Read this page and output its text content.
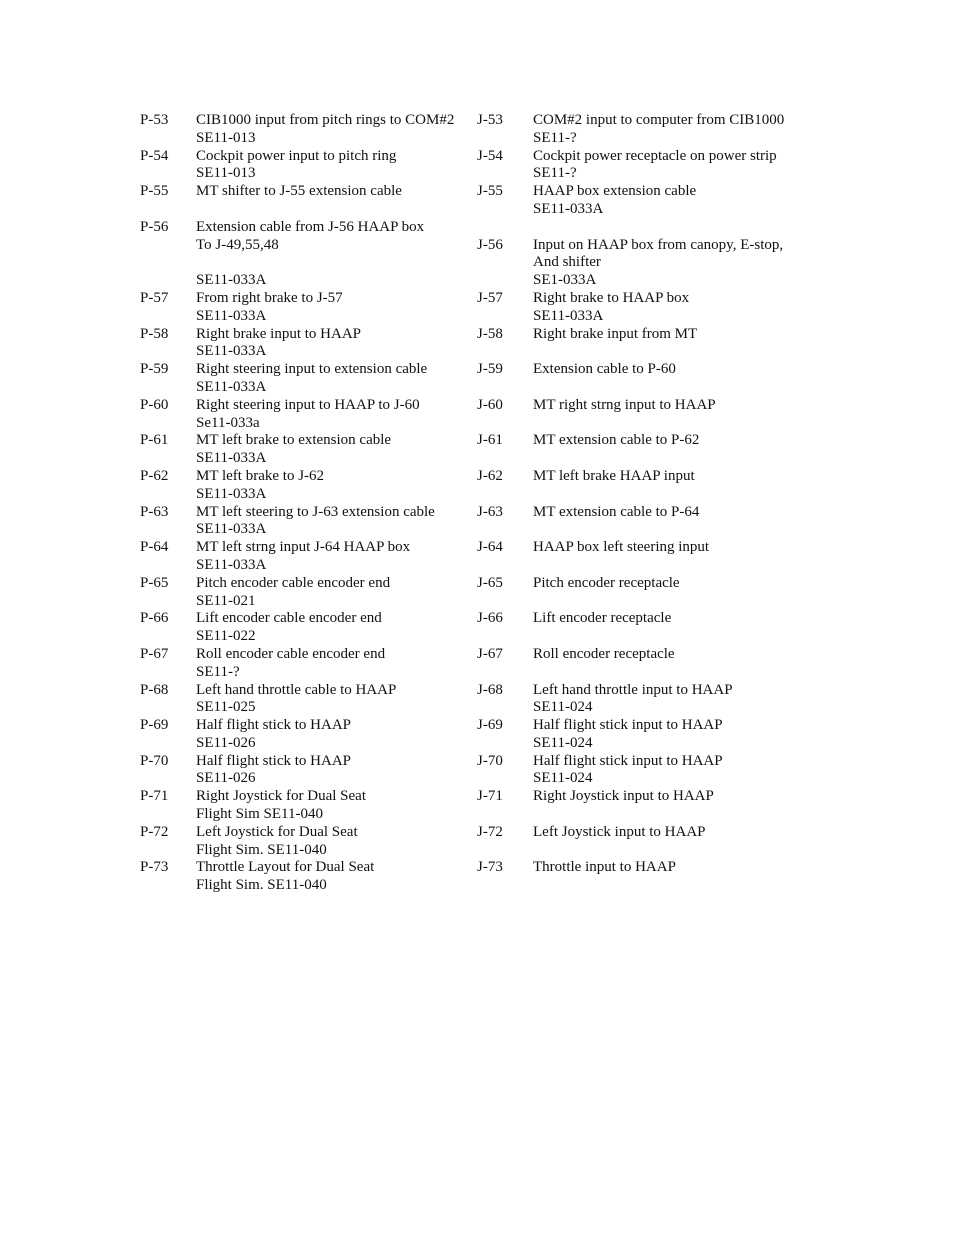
P-53 CIB1000 input from pitch rings to COM#2
SE11-013
J-53 COM#2 input to computer from CIB1000
SE11-?
P-54 Cockpit power input to pitch ring
SE11-013
J-54 Cockpit power receptacle on power strip
SE11-?
P-55 MT shifter to J-55 extension cable	J-55 HAAP box extension cable
SE11-033A
P-56 Extension cable from J-56 HAAP box
To J-49,55,48
SE11-033A
J-56 Input on HAAP box from canopy, E-stop,
And shifter
SE1-033A
P-57 From right brake to J-57
SE11-033A
J-57 Right brake to HAAP box
SE11-033A
P-58 Right brake input to HAAP
SE11-033A
J-58 Right brake input from MT
P-59 Right steering input to extension cable
SE11-033A
J-59 Extension cable to P-60
P-60 Right steering input to HAAP to J-60
Se11-033a
J-60 MT right strng input to HAAP
P-61 MT left brake to extension cable
SE11-033A
J-61 MT extension cable to P-62
P-62 MT left brake to J-62
SE11-033A
J-62 MT left brake HAAP input
P-63 MT left steering to J-63 extension cable
SE11-033A
J-63 MT extension cable to P-64
P-64 MT left strng input J-64 HAAP box
SE11-033A
J-64 HAAP box left steering input
P-65 Pitch encoder cable encoder end
SE11-021
J-65 Pitch encoder receptacle
P-66 Lift encoder cable encoder end
SE11-022
J-66 Lift encoder receptacle
P-67 Roll encoder cable encoder end
SE11-?
J-67 Roll encoder receptacle
P-68 Left hand throttle cable to HAAP
SE11-025
J-68 Left hand throttle input to HAAP
SE11-024
P-69 Half flight stick to HAAP
SE11-026
J-69 Half flight stick input to HAAP
SE11-024
P-70 Half flight stick to HAAP
SE11-026
J-70 Half flight stick input to HAAP
SE11-024
P-71 Right Joystick for Dual Seat
Flight Sim SE11-040
J-71 Right Joystick input to HAAP
P-72 Left Joystick for Dual Seat
Flight Sim. SE11-040
J-72 Left Joystick input to HAAP
P-73 Throttle Layout for Dual Seat
Flight Sim. SE11-040
J-73 Throttle input to HAAP
